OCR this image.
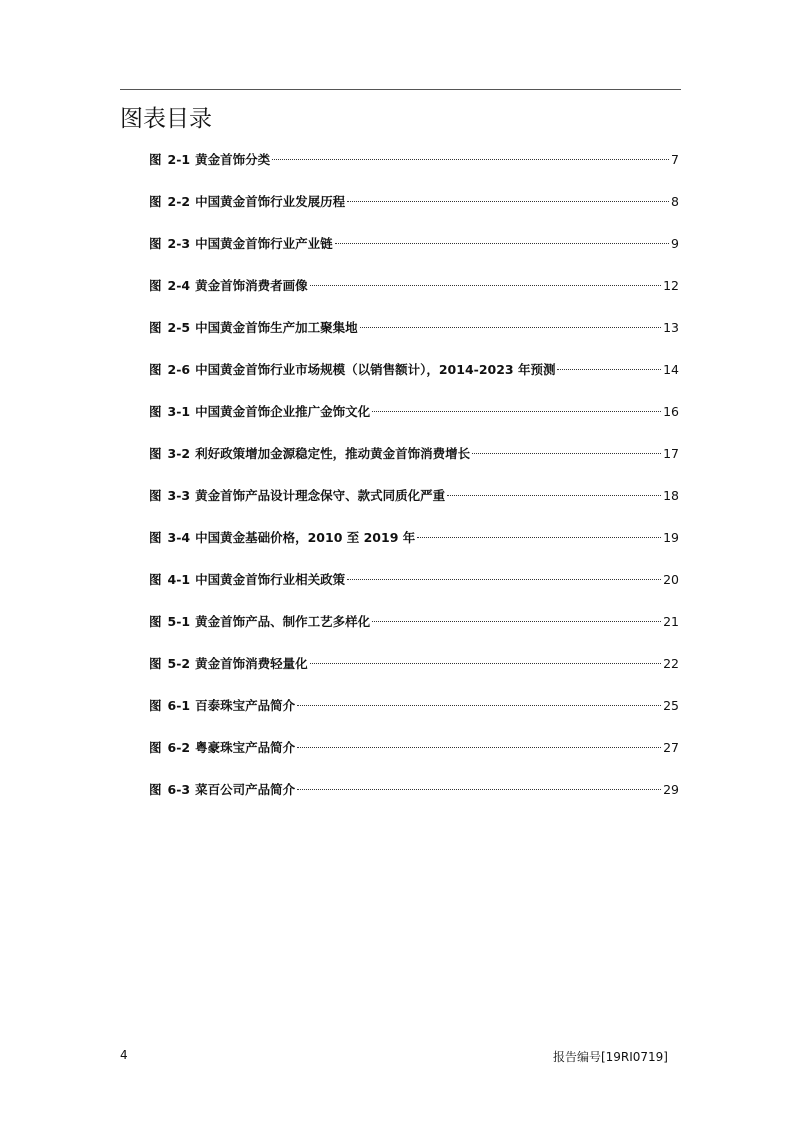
图表目录
图 2-1 黄金首饰分类	7
图 2-2 中国黄金首饰行业发展历程	8
图 2-3 中国黄金首饰行业产业链	9
图 2-4 黄金首饰消费者画像	12
图 2-5 中国黄金首饰生产加工聚集地	13
图 2-6 中国黄金首饰行业市场规模（以销售额计），2014-2023 年预测	14
图 3-1 中国黄金首饰企业推广金饰文化	16
图 3-2 利好政策增加金源稳定性，推动黄金首饰消费增长	17
图 3-3 黄金首饰产品设计理念保守、款式同质化严重	18
图 3-4 中国黄金基础价格，2010 至 2019 年	19
图 4-1 中国黄金首饰行业相关政策	20
图 5-1 黄金首饰产品、制作工艺多样化	21
图 5-2 黄金首饰消费轻量化	22
图 6-1 百泰珠宝产品简介	25
图 6-2 粤豪珠宝产品简介	27
图 6-3 菜百公司产品简介	29
4	报告编号[19RI0719]
